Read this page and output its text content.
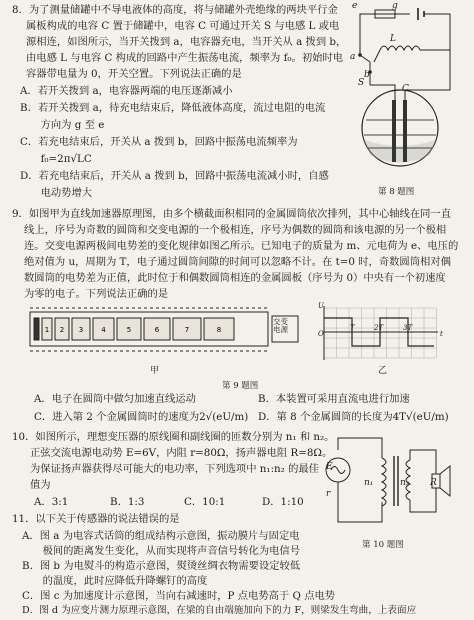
8．为了测量储罐中不导电液体的高度，将与储罐外壳绝缘的两块平行金
属板构成的电容 C 置于储罐中，电容 C 可通过开关 S 与电感 L 或电
源相连，如图所示，当开关拨到 a，电容器充电，当开关从 a 拨到 b，
由电感 L 与电容 C 构成的回路中产生振荡电流，频率为 f₀。初始时电
容器带电量为 0，开关空置。下列说法正确的是
A．若开关拨到 a，电容器两端的电压逐渐减小
B．若开关拨到 a，待充电结束后，降低液体高度，流过电阻的电流
　　方向为 g 至 e
C．若充电结束后，开关从 a 拨到 b，回路中振荡电流频率为
　　f₀=2π√LC
D．若充电结束后，开关从 a 拨到 b，回路中振荡电流减小时，自感
　　电动势增大
e	g
L
a
b
S
C
第 8 题图
9．如图甲为直线加速器原理图，由多个横截面积相同的金属圆筒依次排列，其中心轴线在同一直
线上，序号为奇数的圆筒和交变电源的一个极相连，序号为偶数的圆筒和该电源的另一个极相
连。交变电源两极间电势差的变化规律如图乙所示。已知电子的质量为 m、元电荷为 e、电压的
绝对值为 u，周期为 T，电子通过圆筒间隙的时间可以忽略不计。在 t=0 时，奇数圆筒相对偶
数圆筒的电势差为正值，此时位于和偶数圆筒相连的金属圆板（序号为 0）中央有一个初速度
为零的电子。下列说法正确的是
1 2 3	4	5	6	7	8
交变
电源
甲
U
t
O
T	2T	3T
乙
第 9 题图
A．电子在圆筒中做匀加速直线运动	B．本装置可采用直流电进行加速
C．进入第 2 个金属圆筒时的速度为2√(eU/m) D．第 8 个金属圆筒的长度为4T√(eU/m)
10．如图所示，理想变压器的原线圈和副线圈的匝数分别为 n₁ 和 n₂。
正弦交流电源电动势 E=6V，内阻 r=80Ω，扬声器电阻 R=8Ω。
为保证扬声器获得尽可能大的电功率，下列选项中 n₁:n₂ 的最佳
值为
A．3:1	B．1:3	C．10:1	D．1:10
E
r
n₁	n₂ R
第 10 题图
11．以下关于传感器的说法错误的是
A．图 a 为电容式话筒的组成结构示意图，振动膜片与固定电
　　极间的距离发生变化，从而实现将声音信号转化为电信号
B．图 b 为电熨斗的构造示意图，熨烫丝绸衣物需要设定较低
　　的温度，此时应降低升降螺钉的高度
C．图 c 为加速度计示意图，当向右减速时，P 点电势高于 Q 点电势
D．图 d 为应变片测力原理示意图，在梁的自由端施加向下的力 F，则梁发生弯曲，上表面应
